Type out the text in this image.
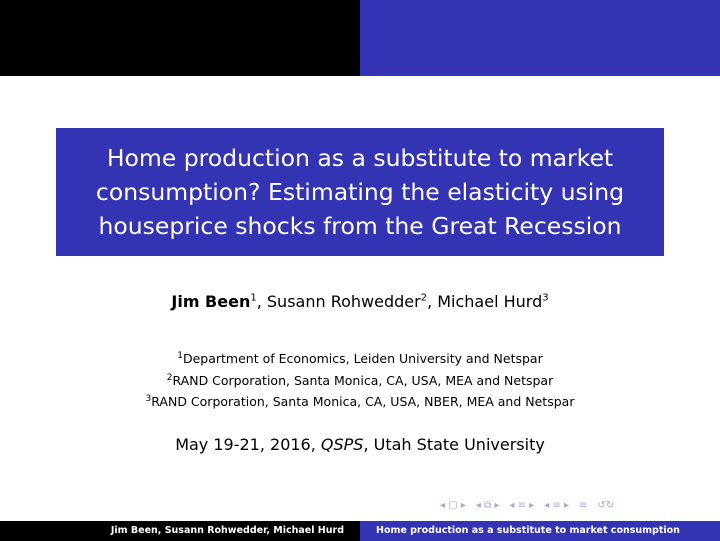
Home production as a substitute to market
consumption? Estimating the elasticity using
houseprice shocks from the Great Recession
Jim Been$^1$, Susann Rohwedder$^2$, Michael Hurd$^3$
$^1$Department of Economics, Leiden University and Netspar
$^2$RAND Corporation, Santa Monica, CA, USA, MEA and Netspar
$^3$RAND Corporation, Santa Monica, CA, USA, NBER, MEA and Netspar
May 19-21, 2016, QSPS, Utah State University
◂ ▢ ▸ ◂ ⧉ ▸ ◂ ≡ ▸ ◂ ≡ ▸ ≡ ↺↻
Jim Been, Susann Rohwedder, Michael Hurd	Home production as a substitute to market consumption
